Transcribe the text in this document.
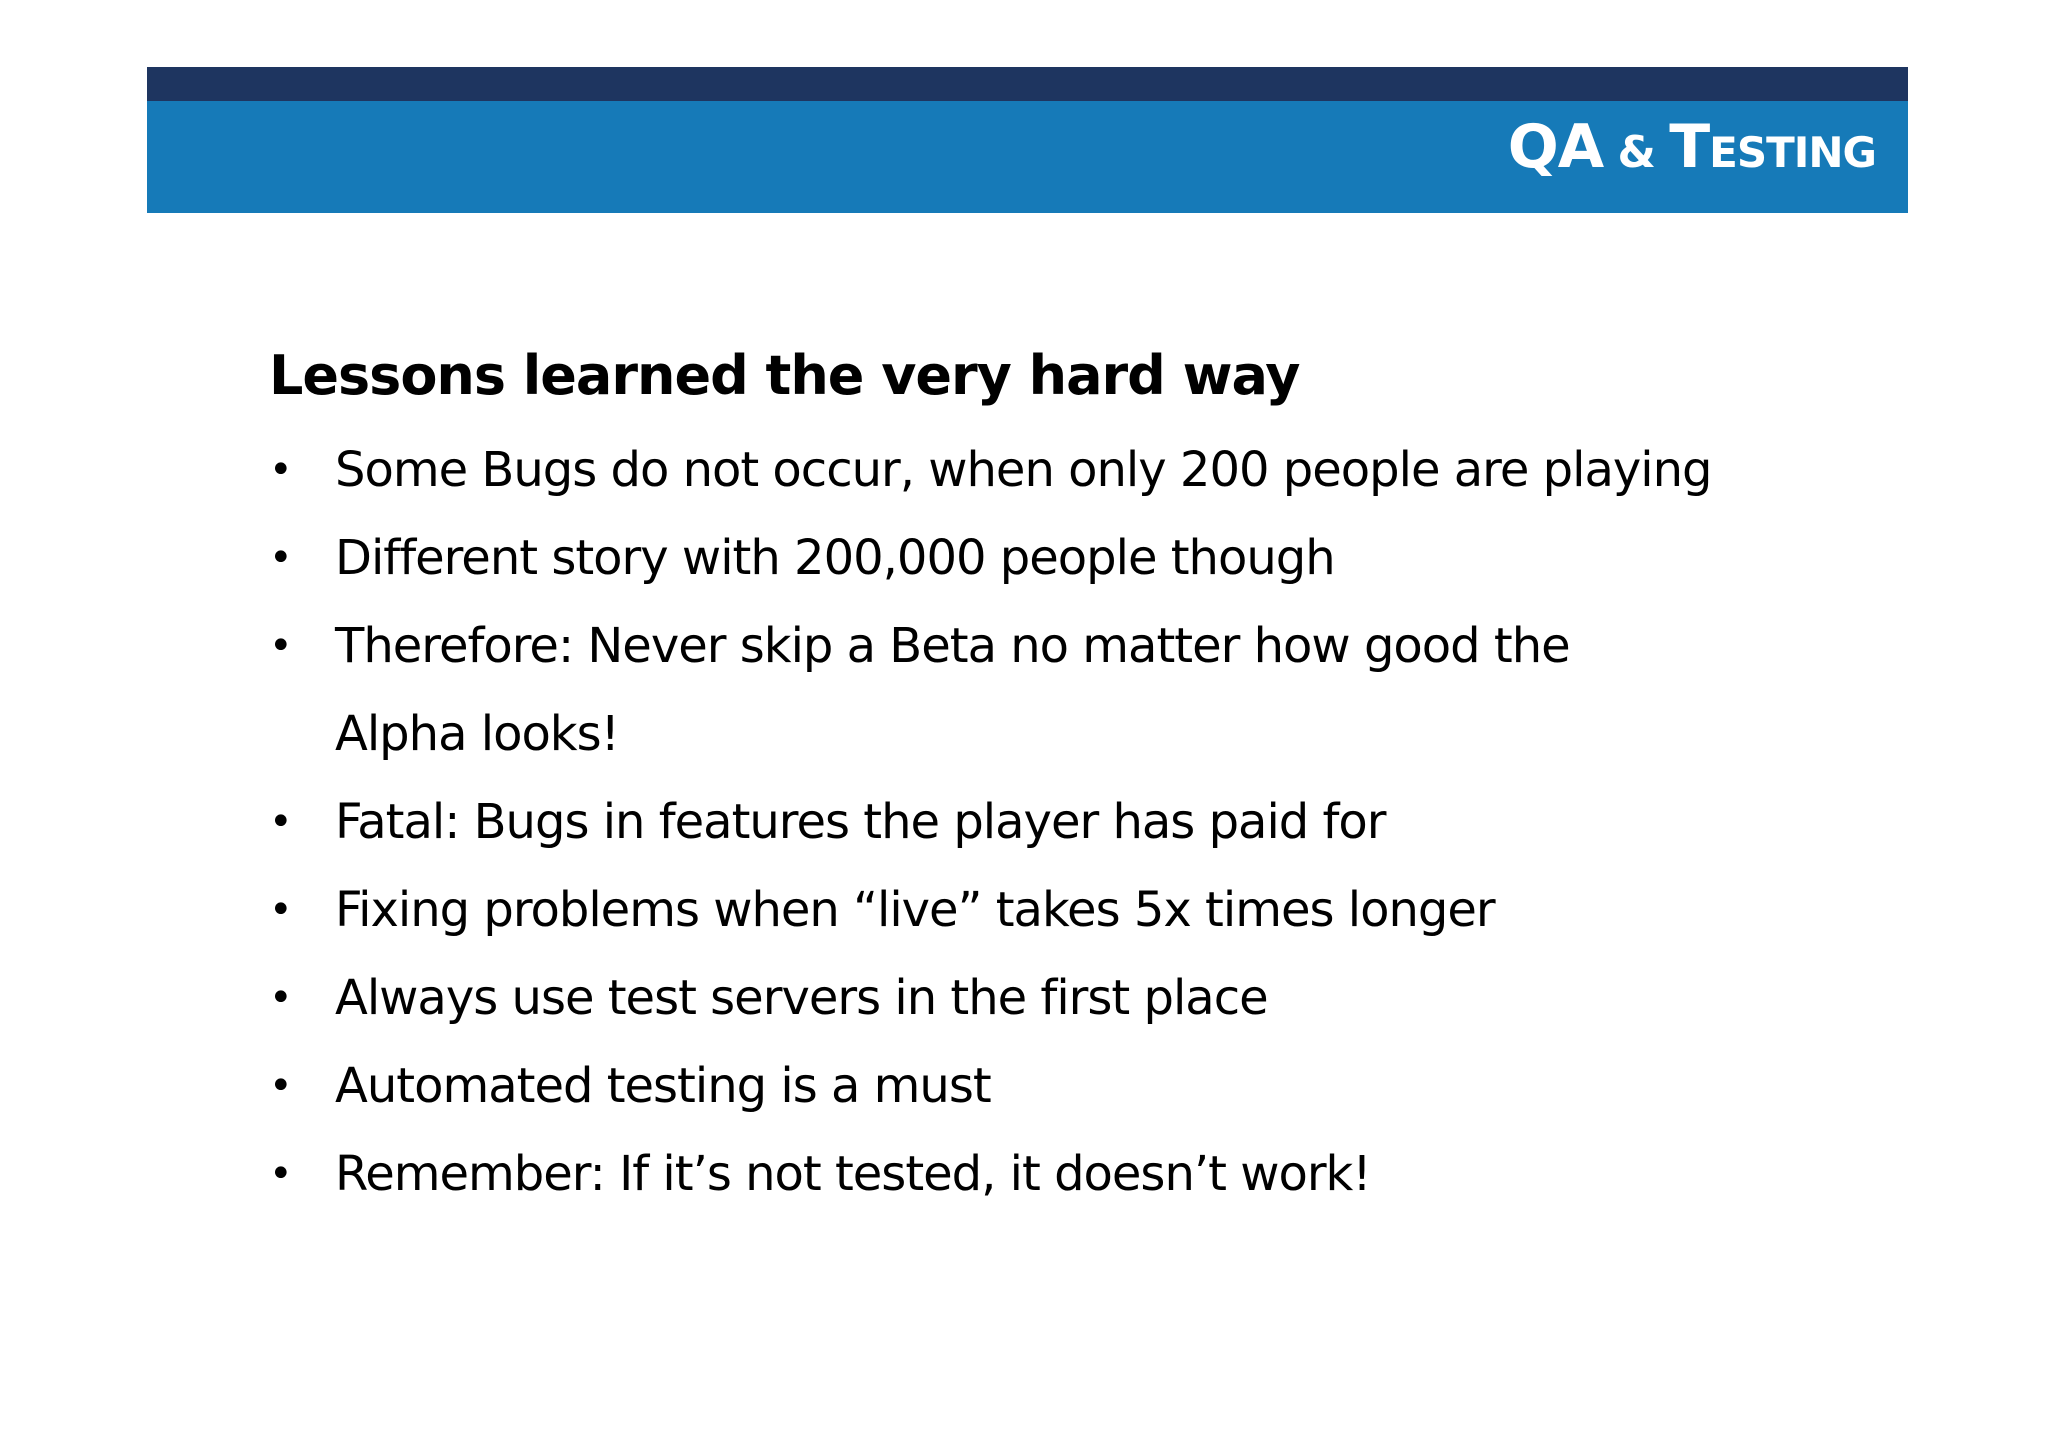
QA & Testing
Lessons learned the very hard way
• Some Bugs do not occur, when only 200 people are playing
• Different story with 200,000 people though
• Therefore: Never skip a Beta no matter how good the
Alpha looks!
• Fatal: Bugs in features the player has paid for
• Fixing problems when “live” takes 5x times longer
• Always use test servers in the first place
• Automated testing is a must
• Remember: If it’s not tested, it doesn’t work!
